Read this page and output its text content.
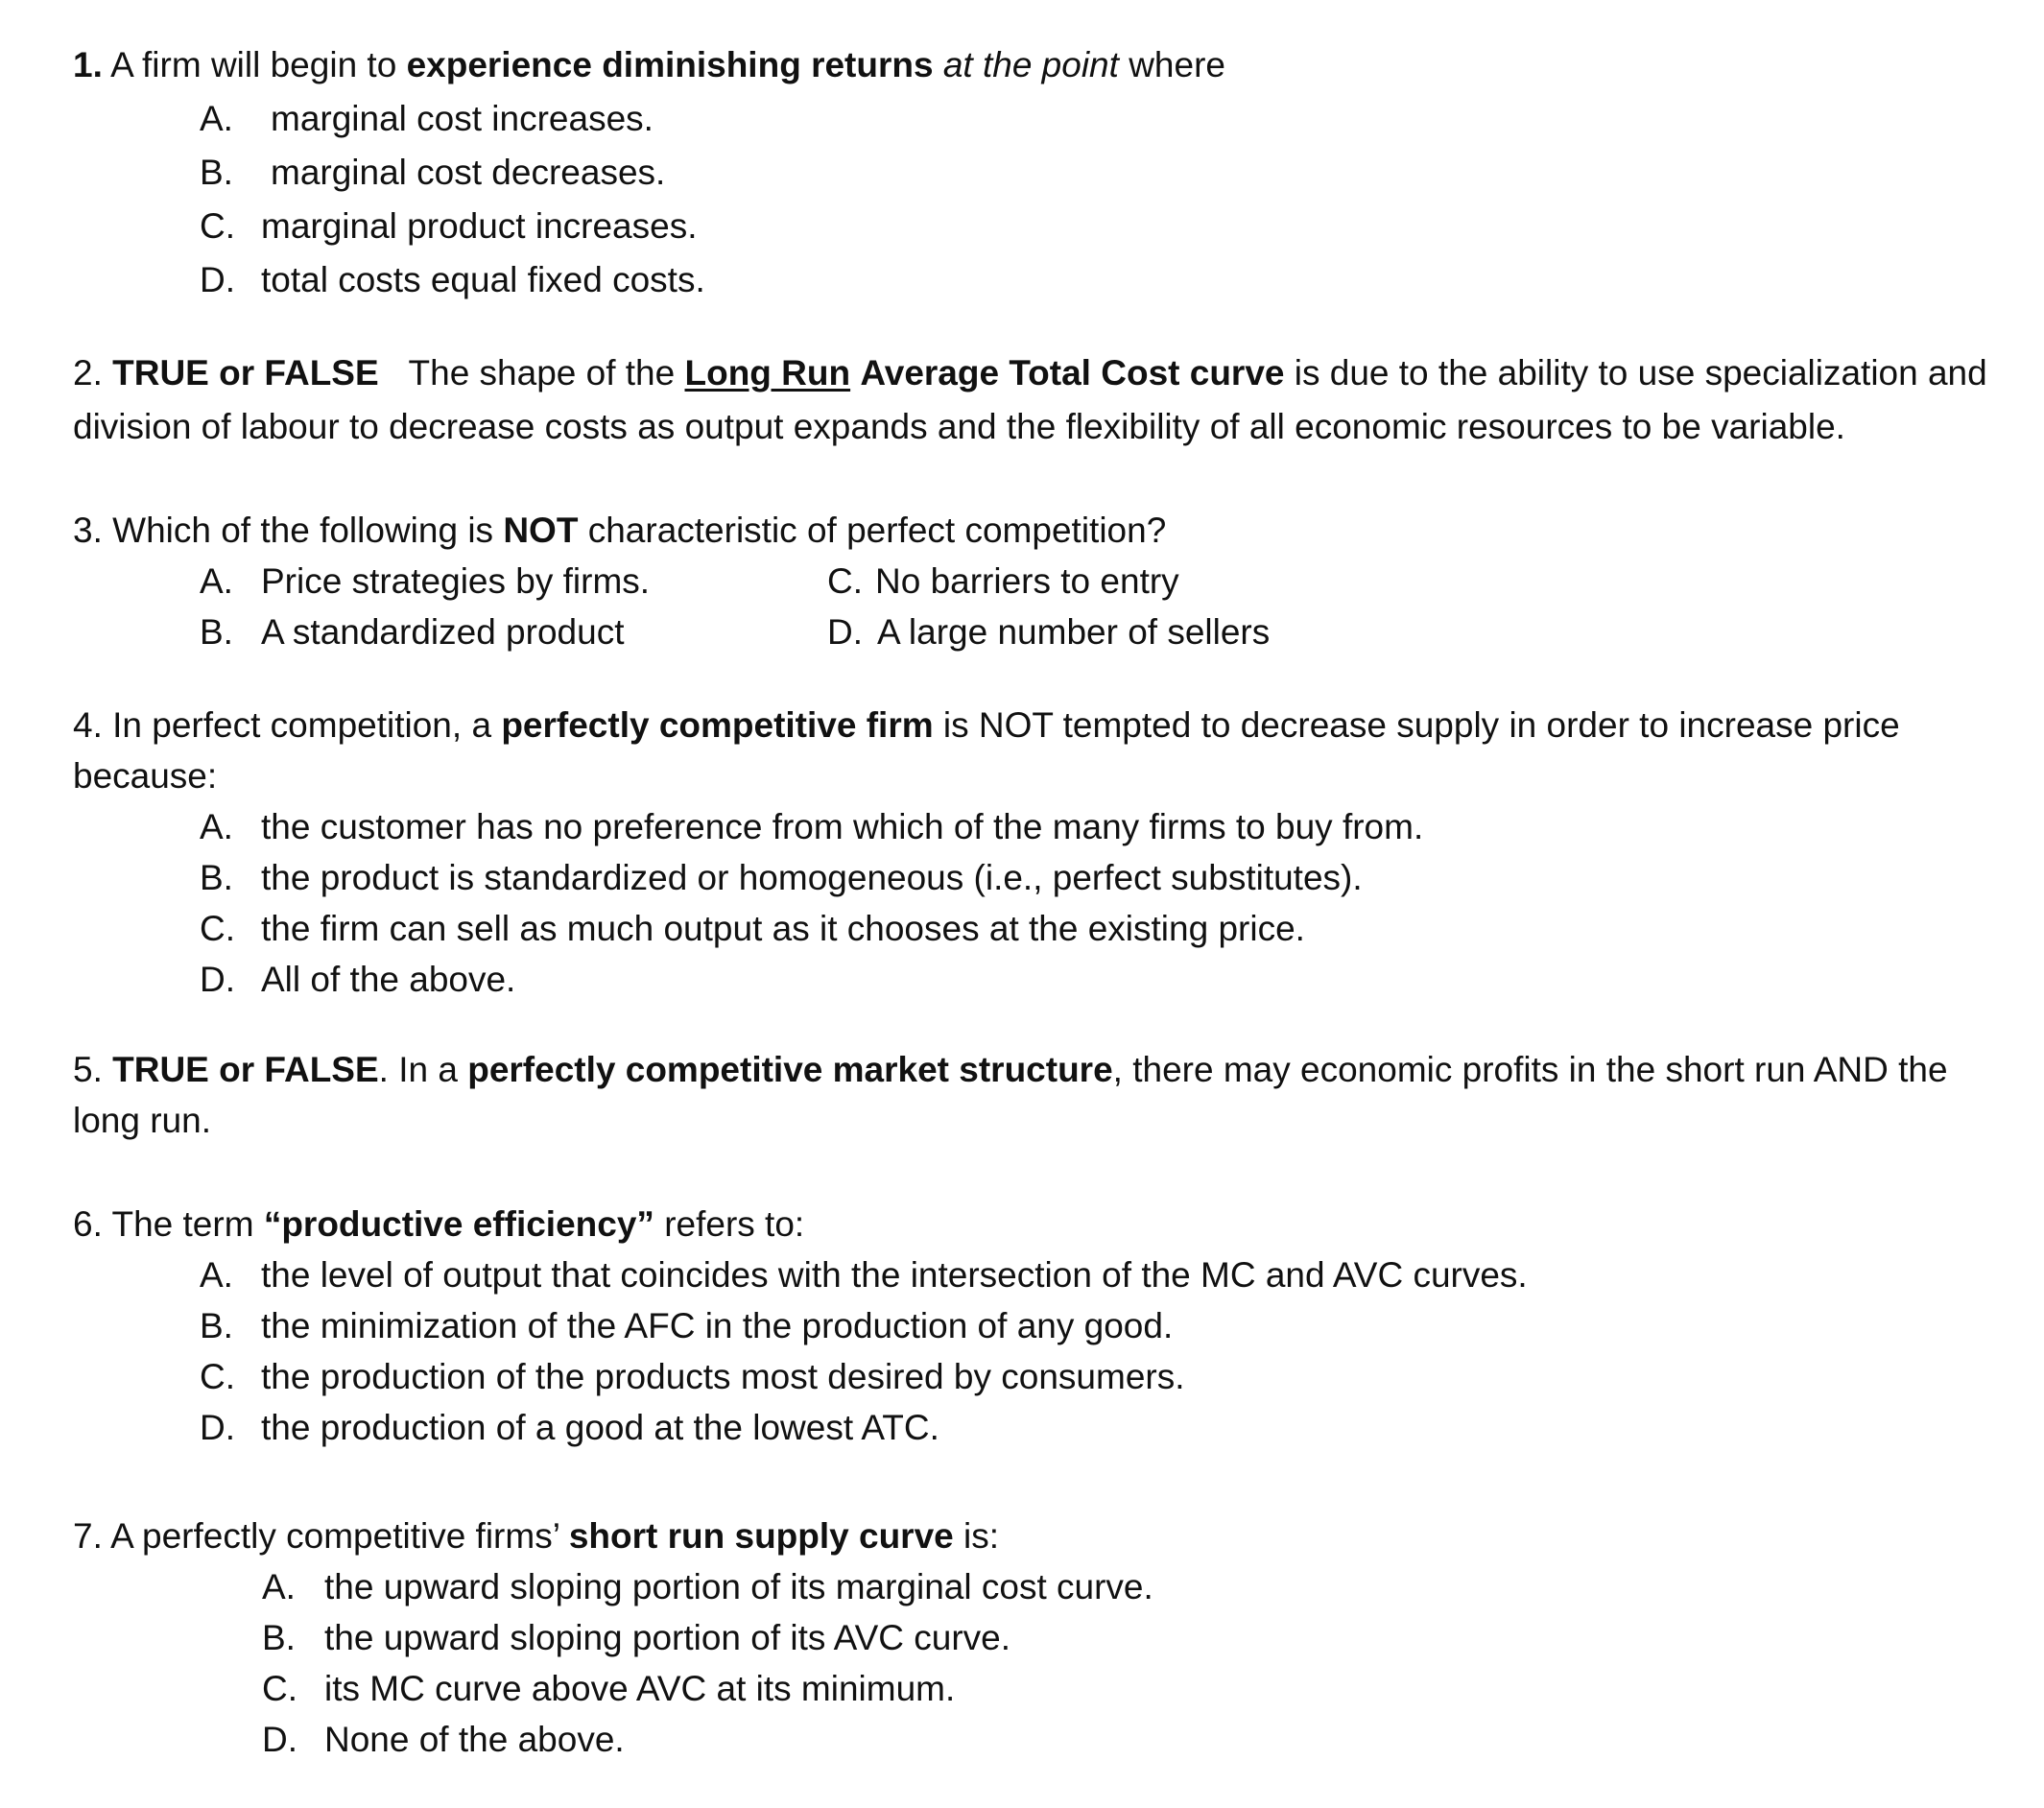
1. A firm will begin to experience diminishing returns at the point where
A. marginal cost increases.
B. marginal cost decreases.
C. marginal product increases.
D. total costs equal fixed costs.
2. TRUE or FALSE The shape of the Long Run Average Total Cost curve is due to the ability to use specialization and
division of labour to decrease costs as output expands and the flexibility of all economic resources to be variable.
3. Which of the following is NOT characteristic of perfect competition?
A. Price strategies by firms.
B. A standardized product
C. No barriers to entry
D. A large number of sellers
4. In perfect competition, a perfectly competitive firm is NOT tempted to decrease supply in order to increase price
because:
A. the customer has no preference from which of the many firms to buy from.
B. the product is standardized or homogeneous (i.e., perfect substitutes).
C. the firm can sell as much output as it chooses at the existing price.
D. All of the above.
5. TRUE or FALSE. In a perfectly competitive market structure, there may economic profits in the short run AND the
long run.
6. The term “productive efficiency” refers to:
A. the level of output that coincides with the intersection of the MC and AVC curves.
B. the minimization of the AFC in the production of any good.
C. the production of the products most desired by consumers.
D. the production of a good at the lowest ATC.
7. A perfectly competitive firms’ short run supply curve is:
A. the upward sloping portion of its marginal cost curve.
B. the upward sloping portion of its AVC curve.
C. its MC curve above AVC at its minimum.
D. None of the above.
